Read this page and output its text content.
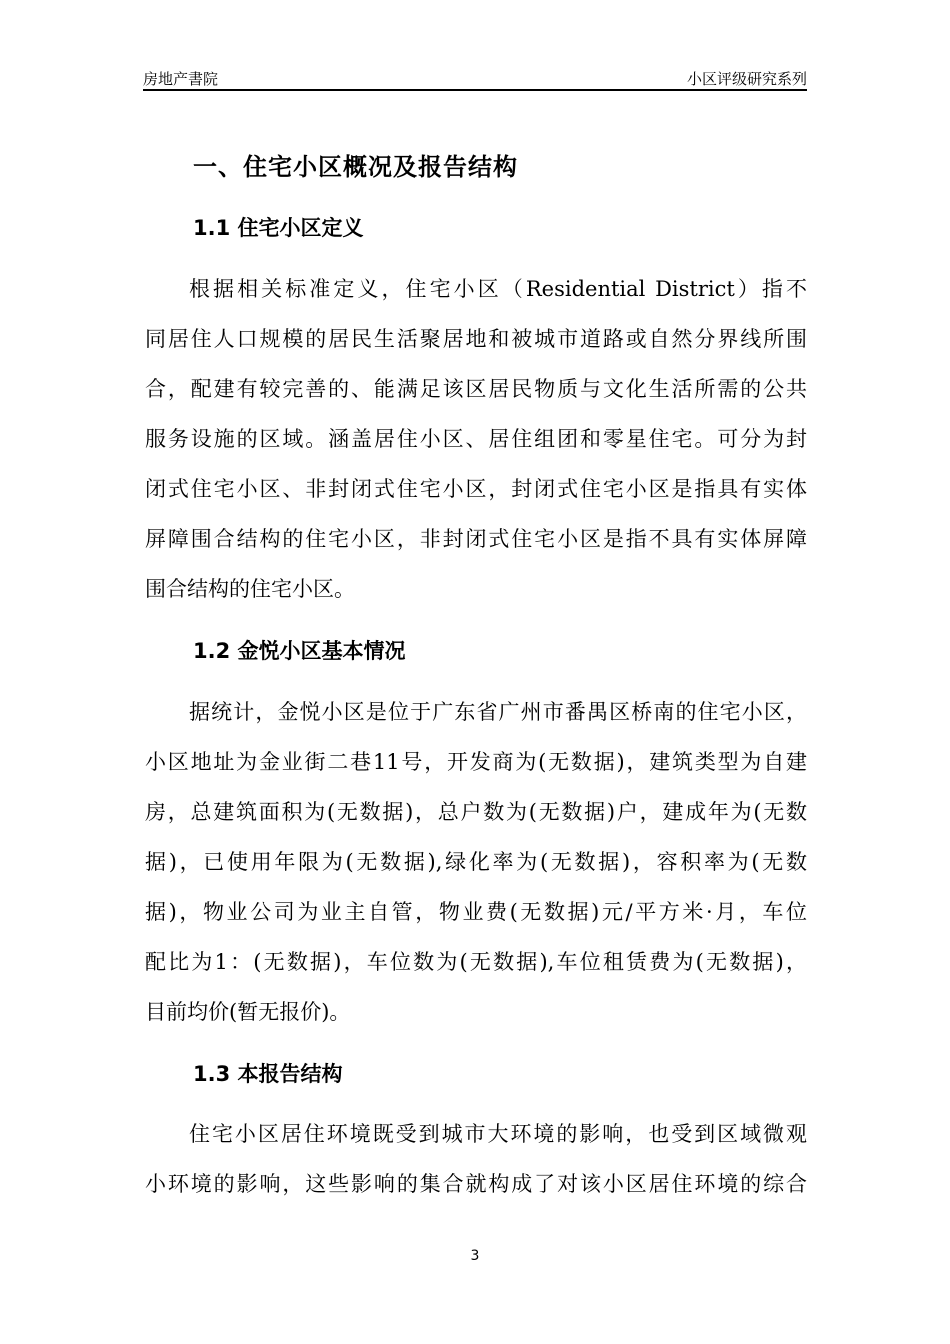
房地产書院	小区评级研究系列
一、住宅小区概况及报告结构
1.1 住宅小区定义
根据相关标准定义，住宅小区（Residential District）指不
同居住人口规模的居民生活聚居地和被城市道路或自然分界线所围
合，配建有较完善的、能满足该区居民物质与文化生活所需的公共
服务设施的区域。涵盖居住小区、居住组团和零星住宅。可分为封
闭式住宅小区、非封闭式住宅小区，封闭式住宅小区是指具有实体
屏障围合结构的住宅小区，非封闭式住宅小区是指不具有实体屏障
围合结构的住宅小区。
1.2 金悦小区基本情况
据统计，金悦小区是位于广东省广州市番禺区桥南的住宅小区，
小区地址为金业街二巷11号，开发商为(无数据)，建筑类型为自建
房，总建筑面积为(无数据)，总户数为(无数据)户，建成年为(无数
据)，已使用年限为(无数据),绿化率为(无数据)，容积率为(无数
据)，物业公司为业主自管，物业费(无数据)元/平方米·月，车位
配比为1：(无数据)，车位数为(无数据),车位租赁费为(无数据)，
目前均价(暂无报价)。
1.3 本报告结构
住宅小区居住环境既受到城市大环境的影响，也受到区域微观
小环境的影响，这些影响的集合就构成了对该小区居住环境的综合
3
